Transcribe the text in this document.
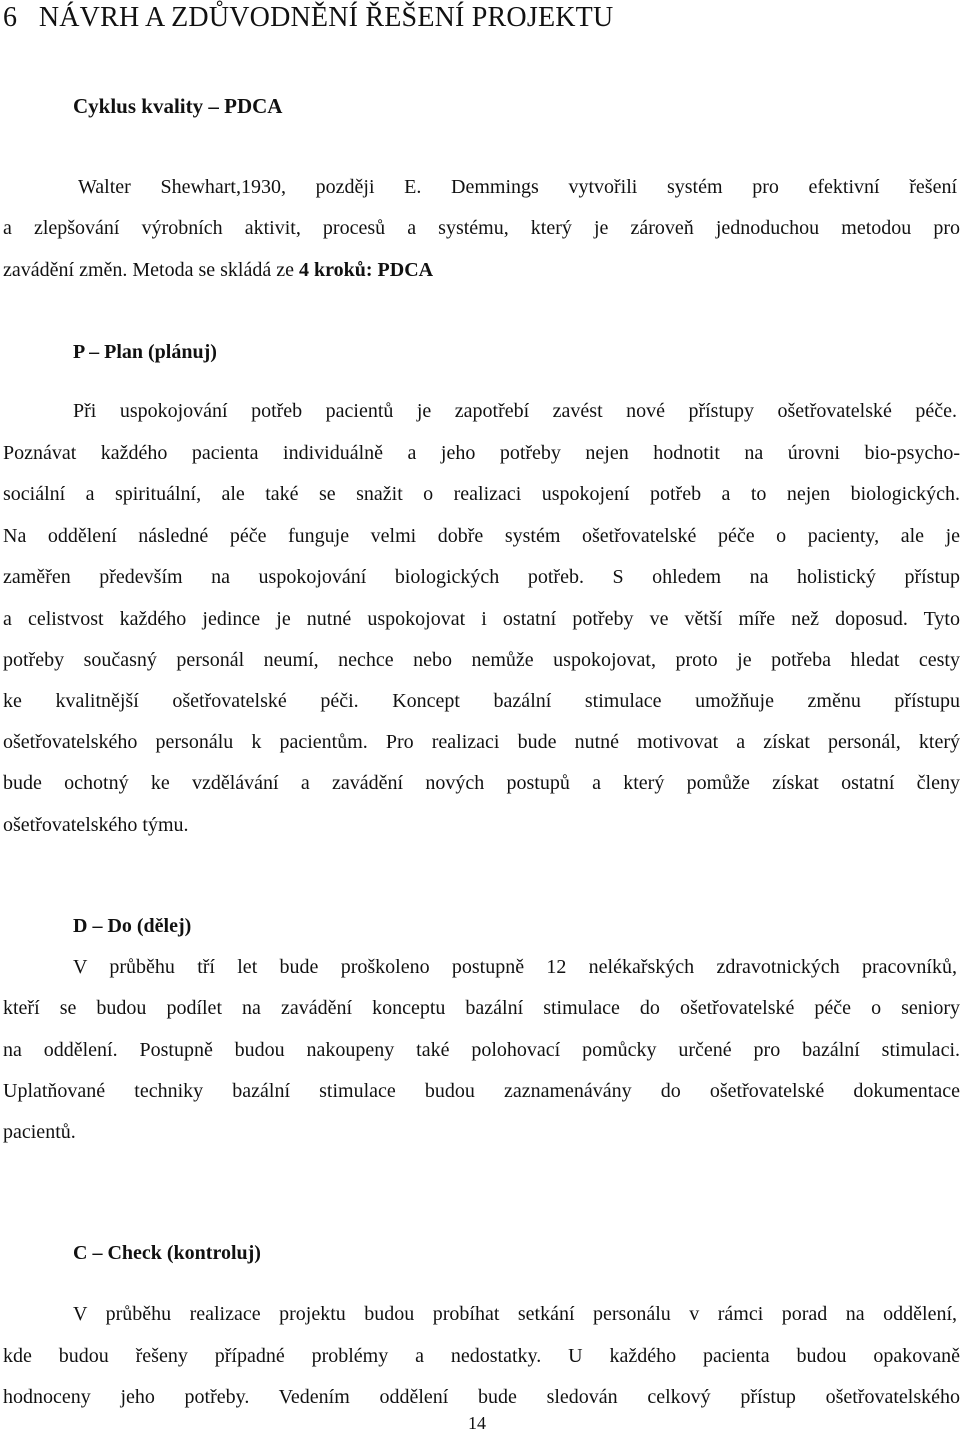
6 NÁVRH A ZDŮVODNĚNÍ ŘEŠENÍ PROJEKTU
Cyklus kvality – PDCA
Walter Shewhart,1930, později E. Demmings vytvořili systém pro efektivní řešení
a zlepšování výrobních aktivit, procesů a systému, který je zároveň jednoduchou metodou pro
zavádění změn. Metoda se skládá ze 4 kroků: PDCA
P – Plan (plánuj)
Při uspokojování potřeb pacientů je zapotřebí zavést nové přístupy ošetřovatelské péče.
Poznávat každého pacienta individuálně a jeho potřeby nejen hodnotit na úrovni bio-psycho-
sociální a spirituální, ale také se snažit o realizaci uspokojení potřeb a to nejen biologických.
Na oddělení následné péče funguje velmi dobře systém ošetřovatelské péče o pacienty, ale je
zaměřen především na uspokojování biologických potřeb. S ohledem na holistický přístup
a celistvost každého jedince je nutné uspokojovat i ostatní potřeby ve větší míře než doposud. Tyto
potřeby současný personál neumí, nechce nebo nemůže uspokojovat, proto je potřeba hledat cesty
ke kvalitnější ošetřovatelské péči. Koncept bazální stimulace umožňuje změnu přístupu
ošetřovatelského personálu k pacientům. Pro realizaci bude nutné motivovat a získat personál, který
bude ochotný ke vzdělávání a zavádění nových postupů a který pomůže získat ostatní členy
ošetřovatelského týmu.
D – Do (dělej)
V průběhu tří let bude proškoleno postupně 12 nelékařských zdravotnických pracovníků,
kteří se budou podílet na zavádění konceptu bazální stimulace do ošetřovatelské péče o seniory
na oddělení. Postupně budou nakoupeny také polohovací pomůcky určené pro bazální stimulaci.
Uplatňované techniky bazální stimulace budou zaznamenávány do ošetřovatelské dokumentace
pacientů.
C – Check (kontroluj)
V průběhu realizace projektu budou probíhat setkání personálu v rámci porad na oddělení,
kde budou řešeny případné problémy a nedostatky. U každého pacienta budou opakovaně
hodnoceny jeho potřeby. Vedením oddělení bude sledován celkový přístup ošetřovatelského
14
